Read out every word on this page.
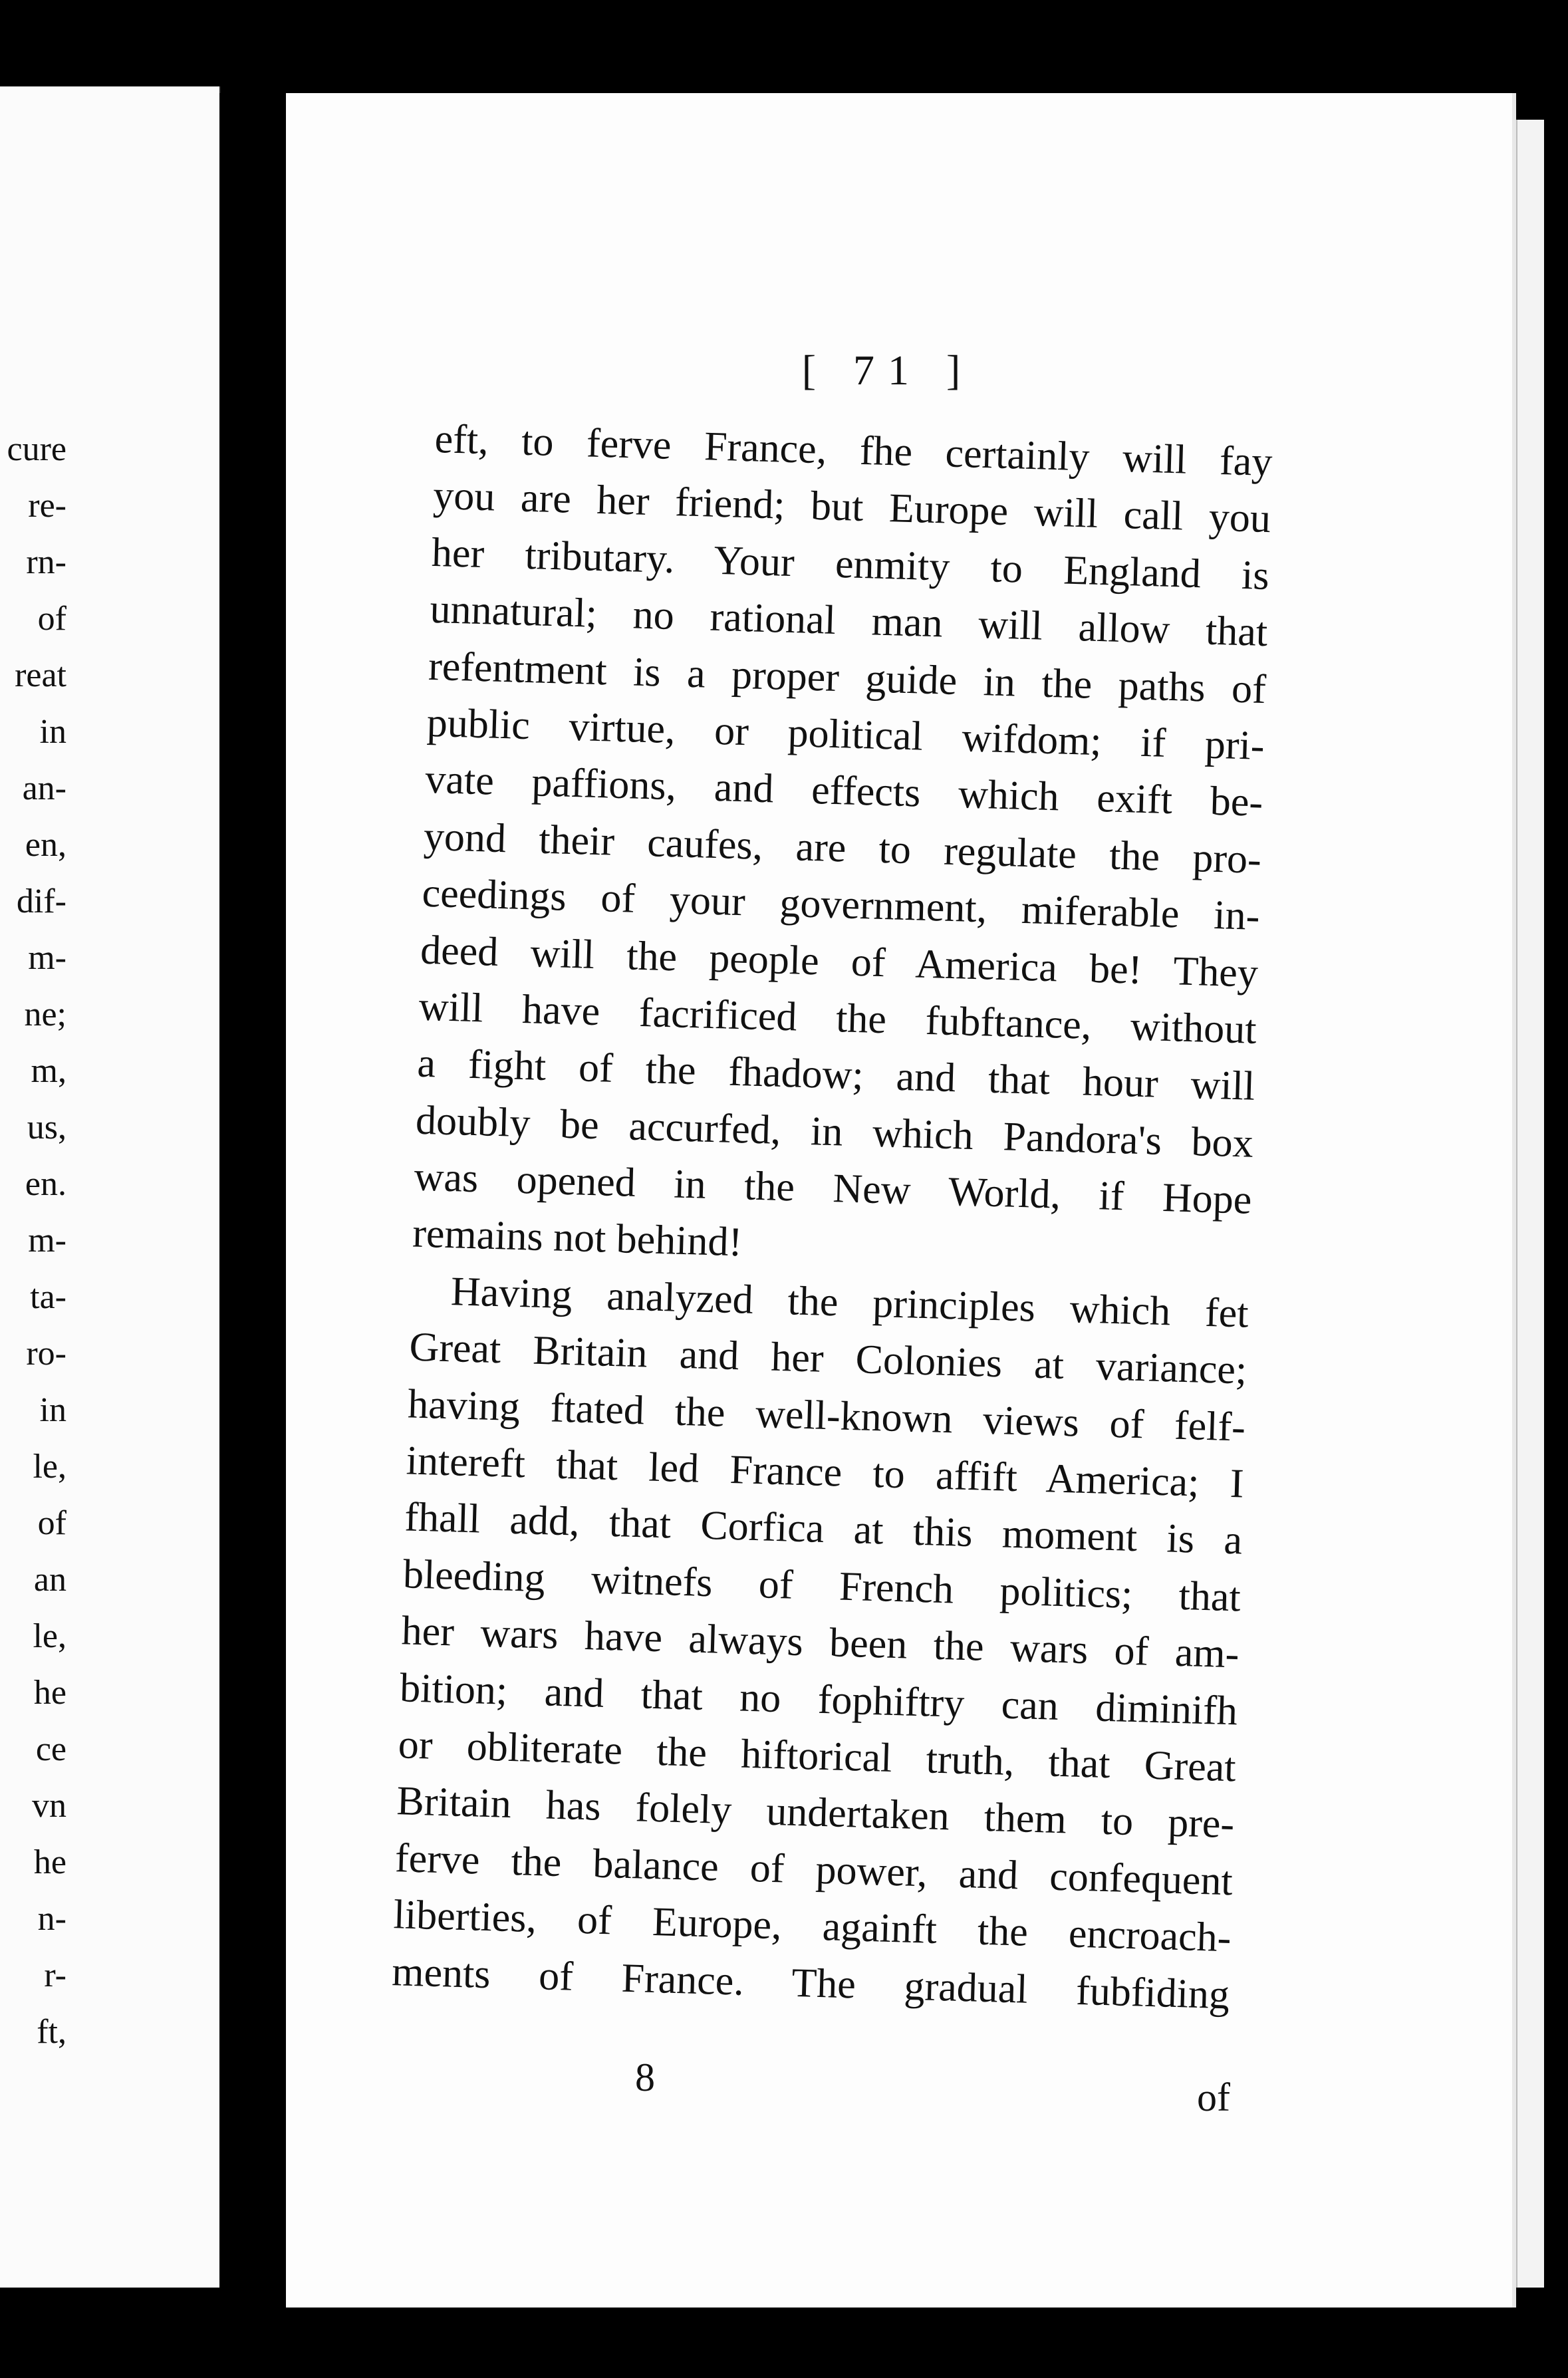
cure
re-
rn-
of
reat
in
an-
en,
dif-
m-
ne;
m,
us,
en.
m-
ta-
ro-
in
le,
of
an
le,
he
ce
vn
he
n-
r-
ft,
[ 71 ]
eft, to ferve France, fhe certainly will fay
you are her friend; but Europe will call you
her tributary. Your enmity to England is
unnatural; no rational man will allow that
refentment is a proper guide in the paths of
public virtue, or political wifdom; if pri-
vate paffions, and effects which exift be-
yond their caufes, are to regulate the pro-
ceedings of your government, miferable in-
deed will the people of America be! They
will have facrificed the fubftance, without
a fight of the fhadow; and that hour will
doubly be accurfed, in which Pandora's box
was opened in the New World, if Hope
remains not behind!
Having analyzed the principles which fet
Great Britain and her Colonies at variance;
having ftated the well-known views of felf-
intereft that led France to affift America; I
fhall add, that Corfica at this moment is a
bleeding witnefs of French politics; that
her wars have always been the wars of am-
bition; and that no fophiftry can diminifh
or obliterate the hiftorical truth, that Great
Britain has folely undertaken them to pre-
ferve the balance of power, and confequent
liberties, of Europe, againft the encroach-
ments of France. The gradual fubfiding
8	of
